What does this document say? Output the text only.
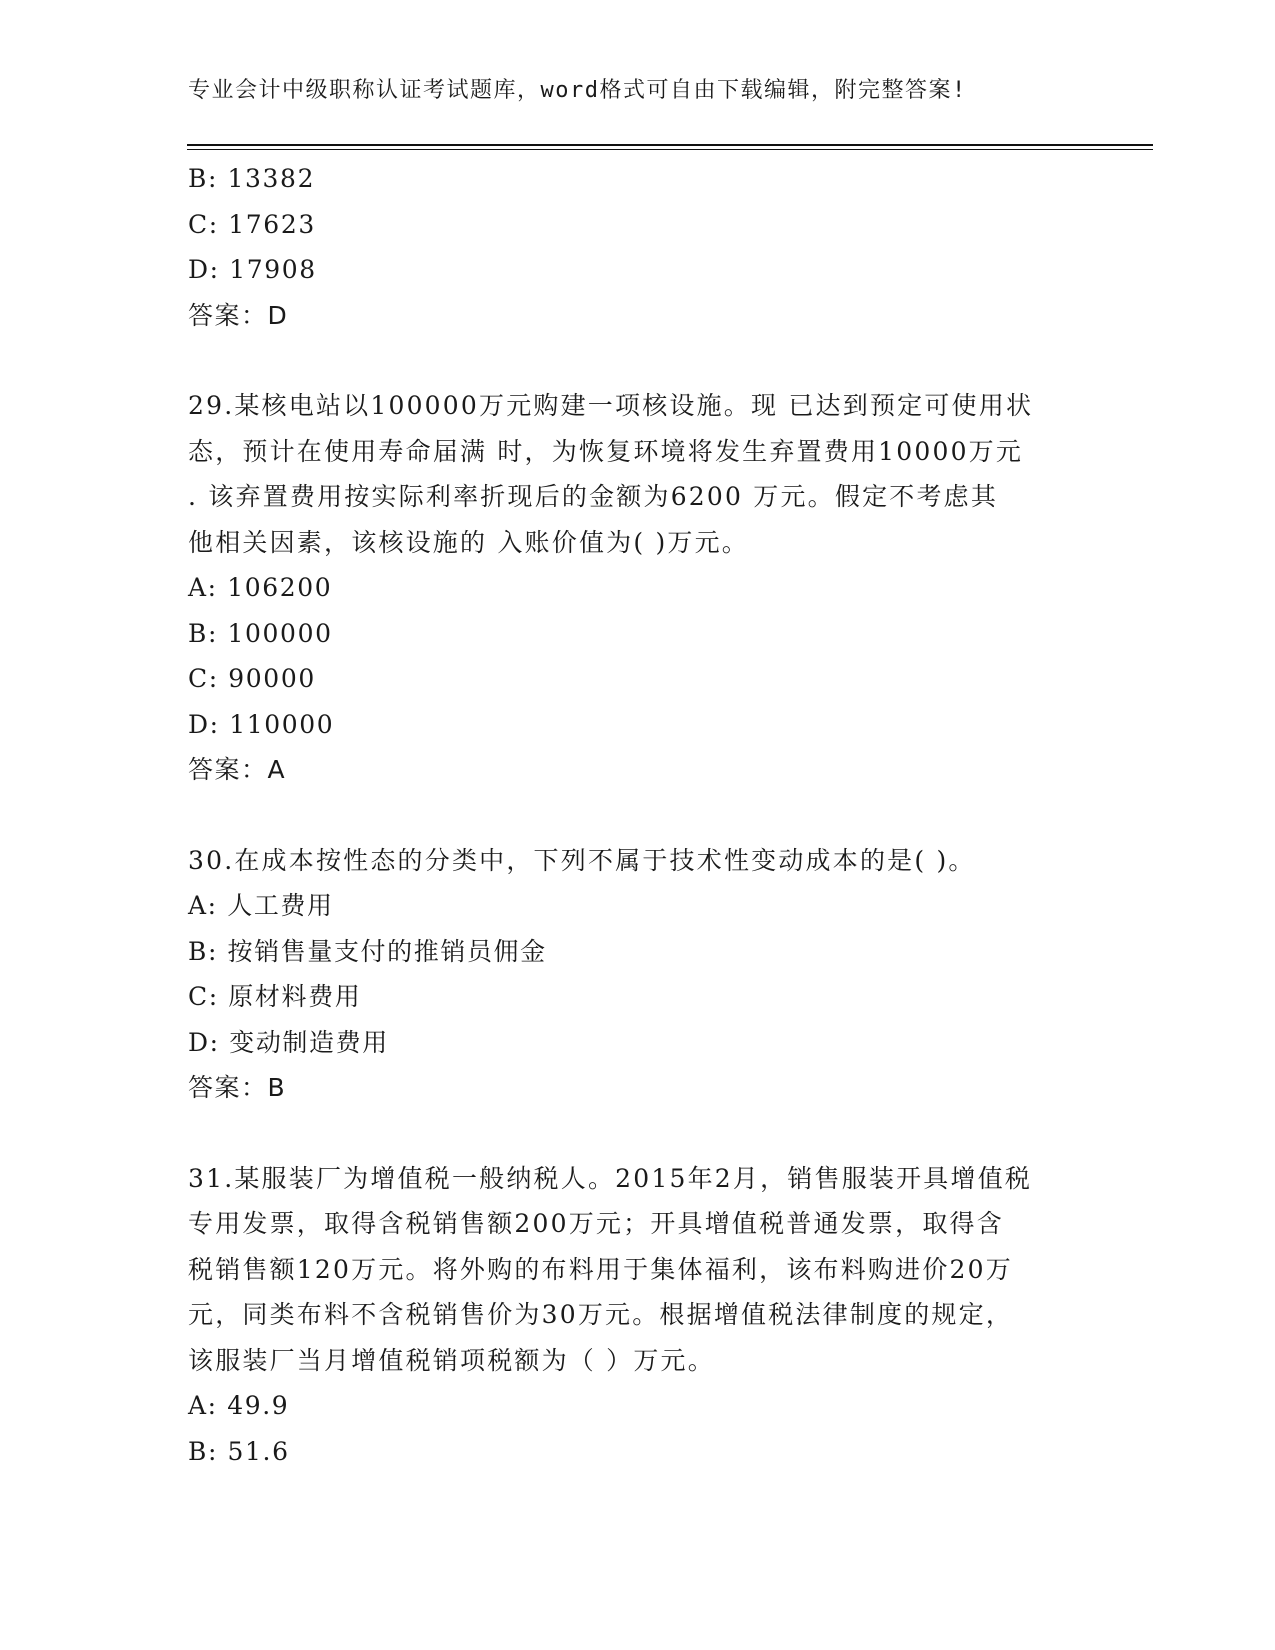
专业会计中级职称认证考试题库，word格式可自由下载编辑，附完整答案!
B: 13382
C: 17623
D: 17908
答案：D
29.某核电站以100000万元购建一项核设施。现 已达到预定可使用状
态，预计在使用寿命届满 时，为恢复环境将发生弃置费用10000万元
. 该弃置费用按实际利率折现后的金额为6200 万元。假定不考虑其
他相关因素，该核设施的 入账价值为( )万元。
A: 106200
B: 100000
C: 90000
D: 110000
答案：A
30.在成本按性态的分类中，下列不属于技术性变动成本的是( )。
A: 人工费用
B: 按销售量支付的推销员佣金
C: 原材料费用
D: 变动制造费用
答案：B
31.某服装厂为增值税一般纳税人。2015年2月，销售服装开具增值税
专用发票，取得含税销售额200万元；开具增值税普通发票，取得含
税销售额120万元。将外购的布料用于集体福利，该布料购进价20万
元，同类布料不含税销售价为30万元。根据增值税法律制度的规定，
该服装厂当月增值税销项税额为（ ）万元。
A: 49.9
B: 51.6
